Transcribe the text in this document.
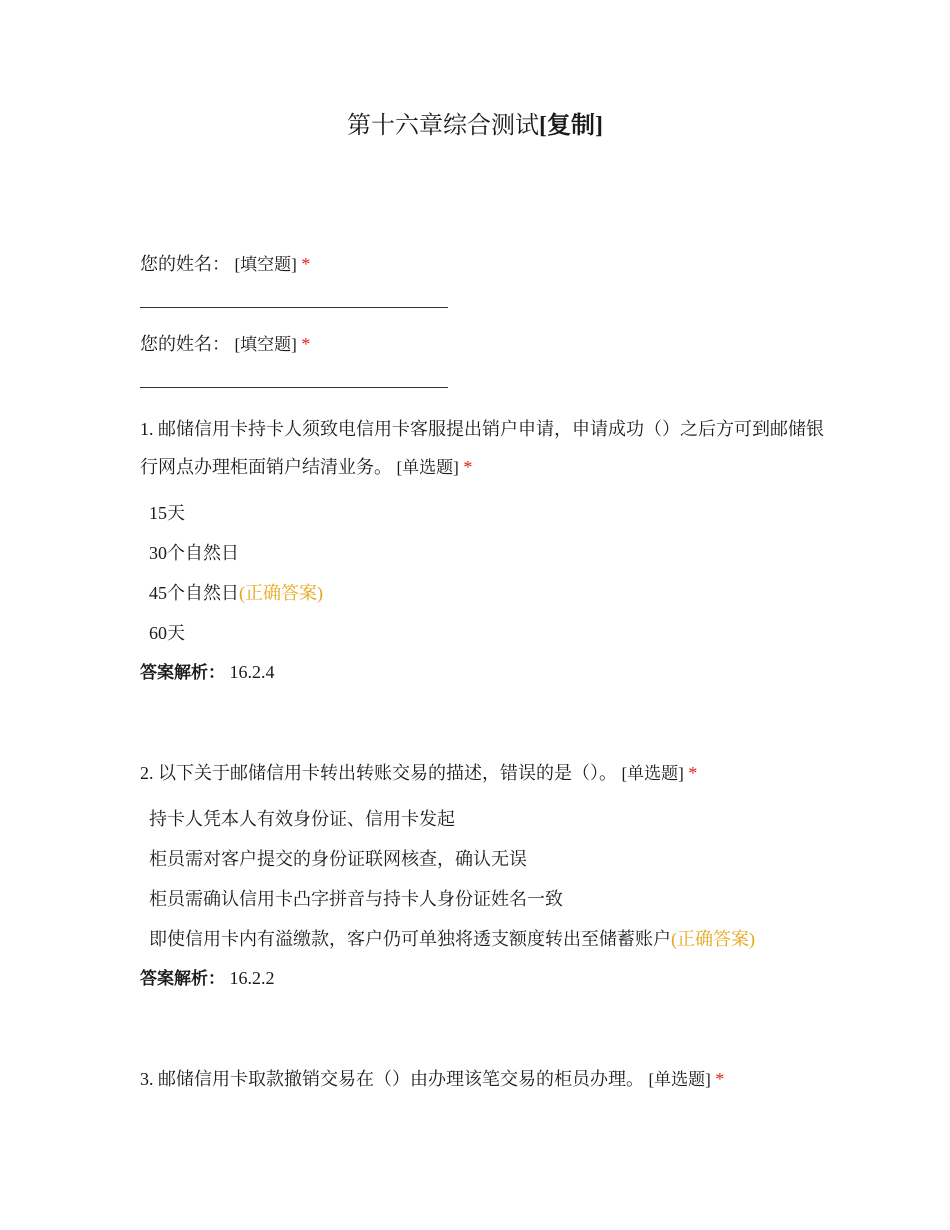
第十六章综合测试[复制]

您的姓名： [填空题] *

您的姓名： [填空题] *

1. 邮储信用卡持卡人须致电信用卡客服提出销户申请，申请成功（）之后方可到邮储银行网点办理柜面销户结清业务。 [单选题] *

15天

30个自然日

45个自然日(正确答案)

60天

答案解析： 16.2.4

2. 以下关于邮储信用卡转出转账交易的描述，错误的是（）。 [单选题] *

持卡人凭本人有效身份证、信用卡发起

柜员需对客户提交的身份证联网核查，确认无误

柜员需确认信用卡凸字拼音与持卡人身份证姓名一致

即使信用卡内有溢缴款，客户仍可单独将透支额度转出至储蓄账户(正确答案)

答案解析： 16.2.2

3. 邮储信用卡取款撤销交易在（）由办理该笔交易的柜员办理。 [单选题] *
